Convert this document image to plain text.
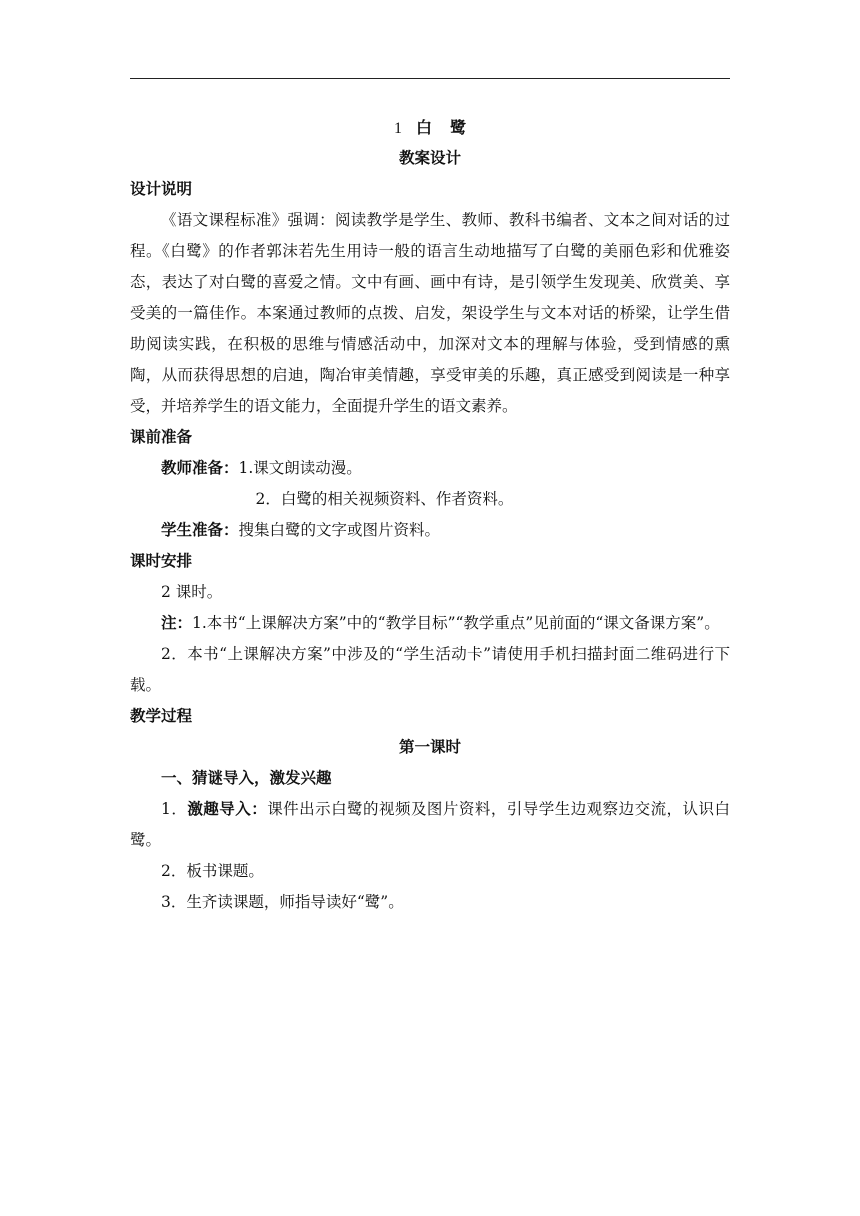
1 白 鹭
教案设计
设计说明

《语文课程标准》强调：阅读教学是学生、教师、教科书编者、文本之间对话的过程。《白鹭》的作者郭沫若先生用诗一般的语言生动地描写了白鹭的美丽色彩和优雅姿态，表达了对白鹭的喜爱之情。文中有画、画中有诗，是引领学生发现美、欣赏美、享受美的一篇佳作。本案通过教师的点拨、启发，架设学生与文本对话的桥梁，让学生借助阅读实践，在积极的思维与情感活动中，加深对文本的理解与体验，受到情感的熏陶，从而获得思想的启迪，陶冶审美情趣，享受审美的乐趣，真正感受到阅读是一种享受，并培养学生的语文能力，全面提升学生的语文素养。

课前准备
教师准备：1.课文朗读动漫。
2．白鹭的相关视频资料、作者资料。
学生准备：搜集白鹭的文字或图片资料。
课时安排
2 课时。

注：1.本书“上课解决方案”中的“教学目标”“教学重点”见前面的“课文备课方案”。

2．本书“上课解决方案”中涉及的“学生活动卡”请使用手机扫描封面二维码进行下载。

教学过程
第一课时
一、猜谜导入，激发兴趣

1．激趣导入：课件出示白鹭的视频及图片资料，引导学生边观察边交流，认识白鹭。

2．板书课题。
3．生齐读课题，师指导读好“鹭”。
